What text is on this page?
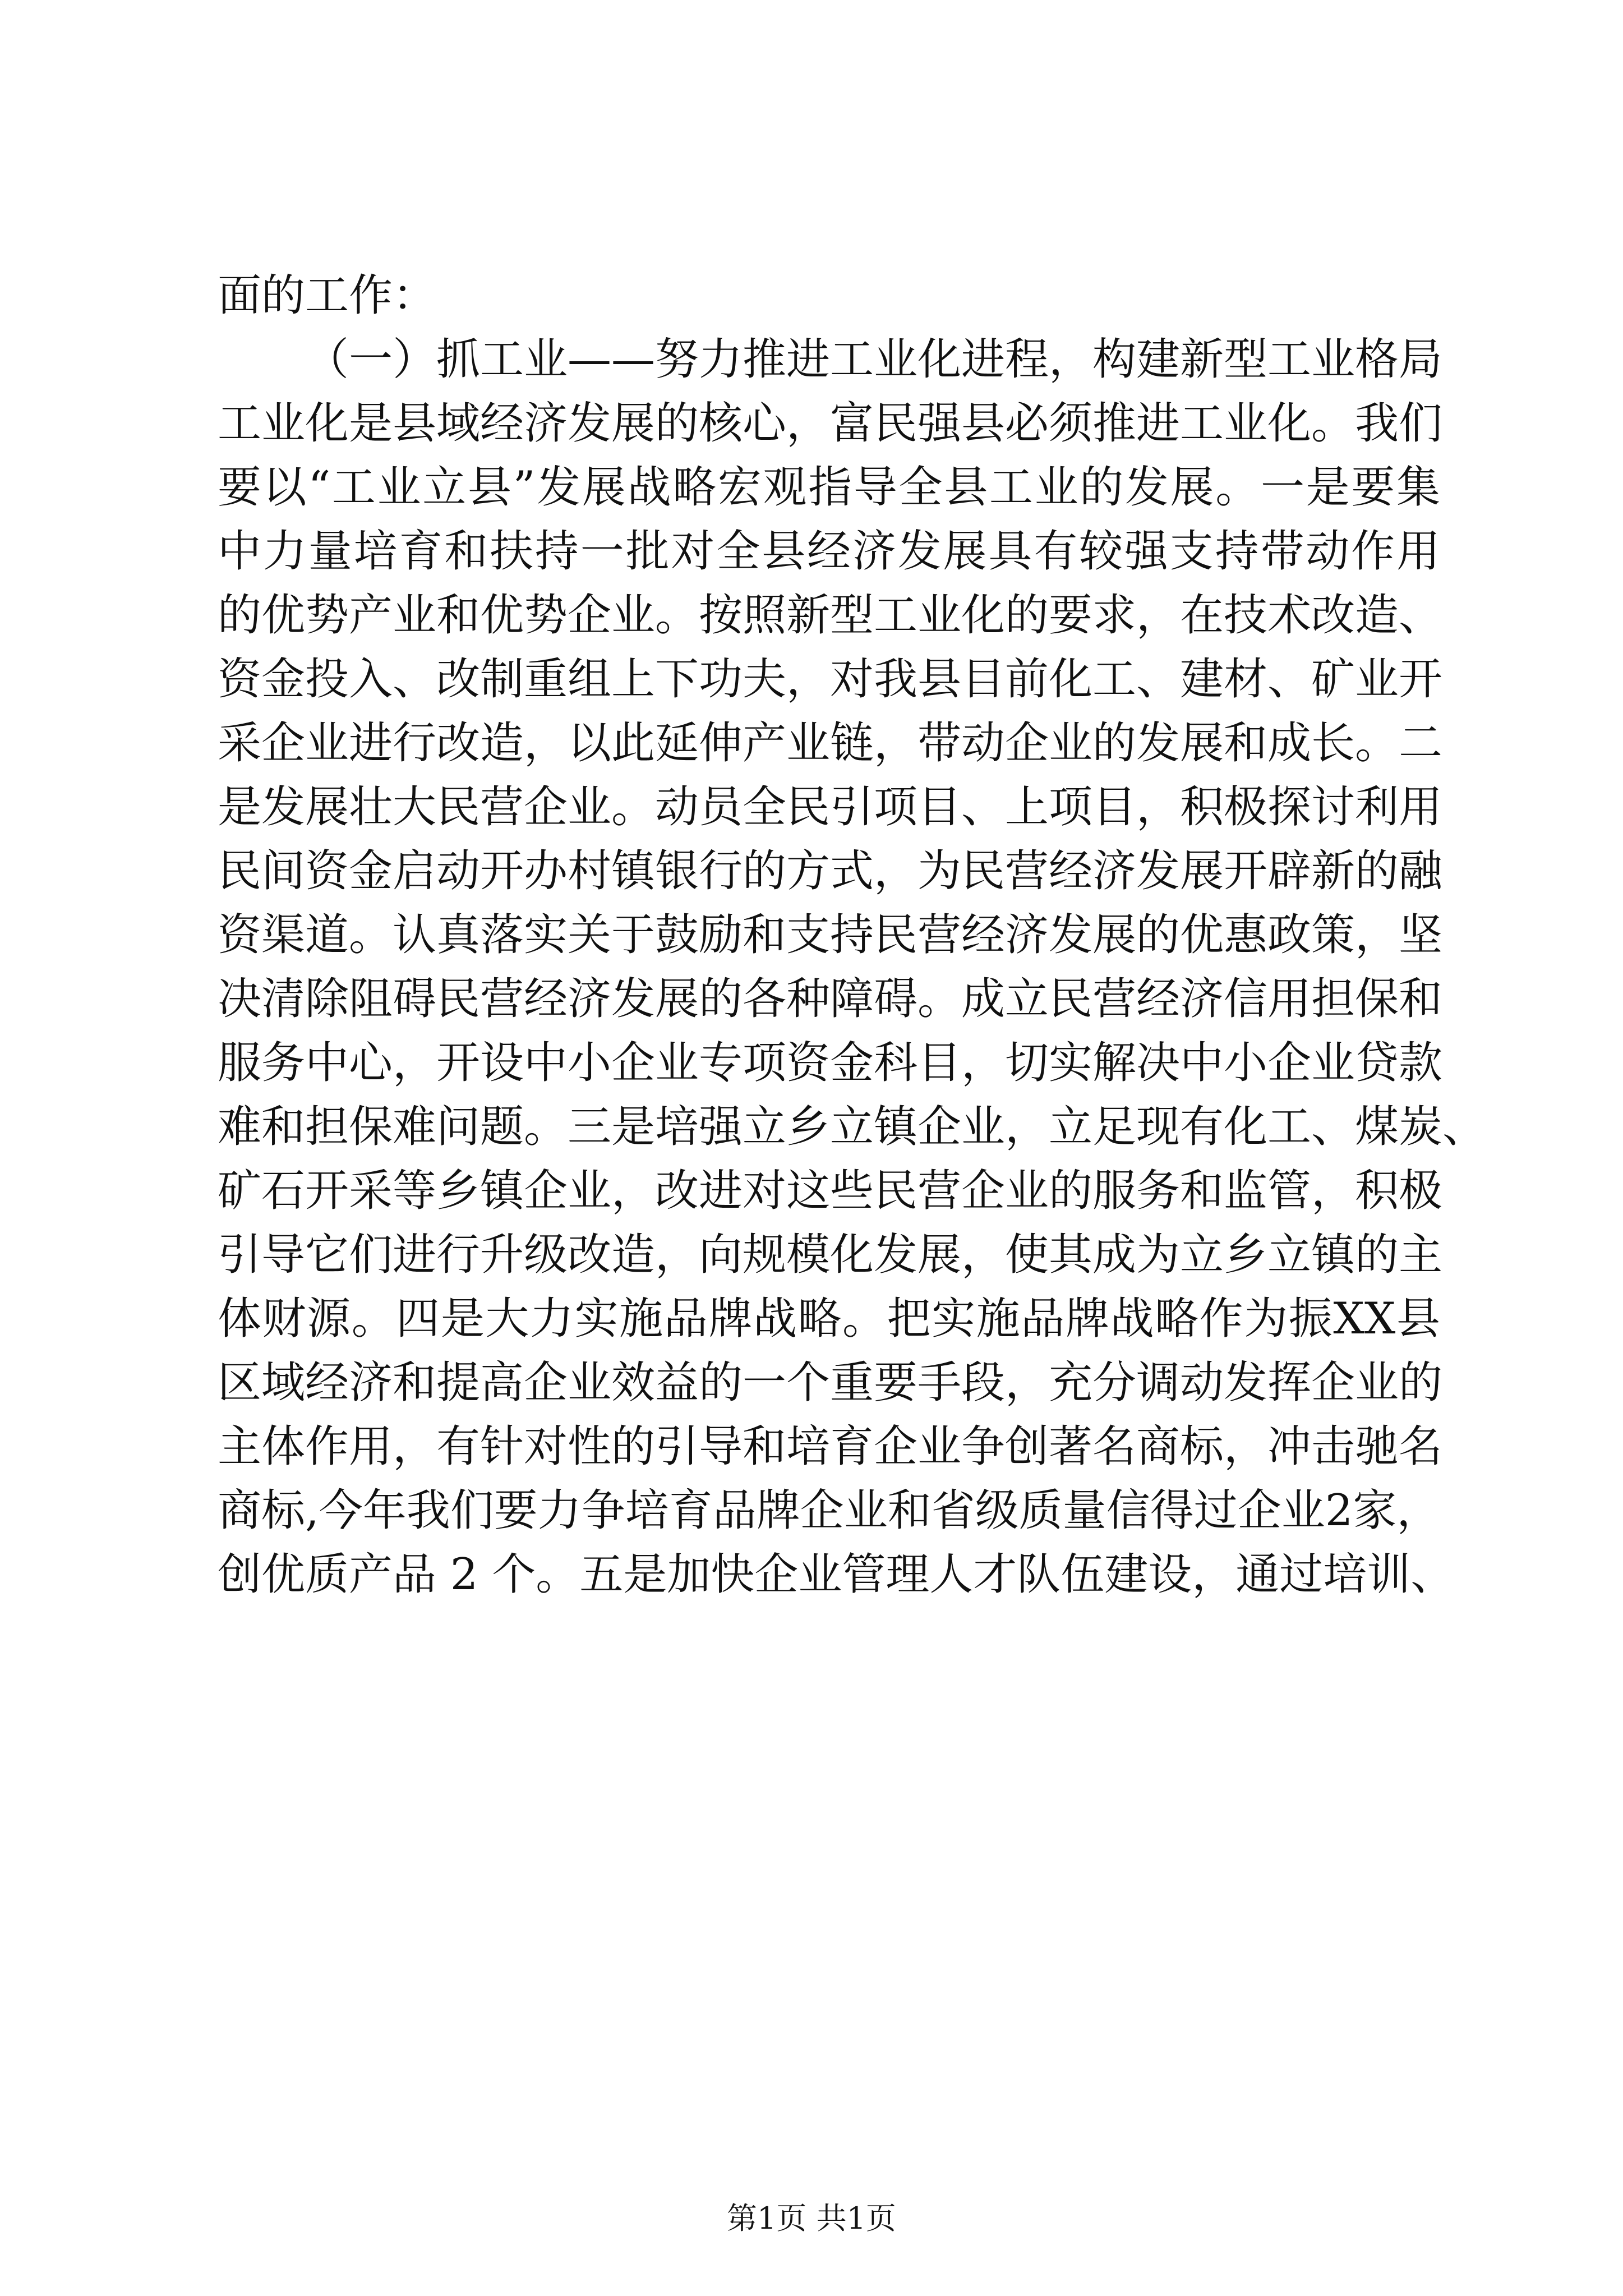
面的工作：
（一）抓工业——努力推进工业化进程，构建新型工业格局
工业化是县域经济发展的核心，富民强县必须推进工业化。我们
要以“工业立县”发展战略宏观指导全县工业的发展。一是要集
中力量培育和扶持一批对全县经济发展具有较强支持带动作用
的优势产业和优势企业。按照新型工业化的要求，在技术改造、
资金投入、改制重组上下功夫，对我县目前化工、建材、矿业开
采企业进行改造，以此延伸产业链，带动企业的发展和成长。二
是发展壮大民营企业。动员全民引项目、上项目，积极探讨利用
民间资金启动开办村镇银行的方式，为民营经济发展开辟新的融
资渠道。认真落实关于鼓励和支持民营经济发展的优惠政策，坚
决清除阻碍民营经济发展的各种障碍。成立民营经济信用担保和
服务中心，开设中小企业专项资金科目，切实解决中小企业贷款
难和担保难问题。三是培强立乡立镇企业，立足现有化工、煤炭、
矿石开采等乡镇企业，改进对这些民营企业的服务和监管，积极
引导它们进行升级改造，向规模化发展，使其成为立乡立镇的主
体财源。四是大力实施品牌战略。把实施品牌战略作为振XX县
区域经济和提高企业效益的一个重要手段，充分调动发挥企业的
主体作用，有针对性的引导和培育企业争创著名商标，冲击驰名
商标,今年我们要力争培育品牌企业和省级质量信得过企业2家，
创优质产品 2 个。五是加快企业管理人才队伍建设，通过培训、
第1页 共1页
